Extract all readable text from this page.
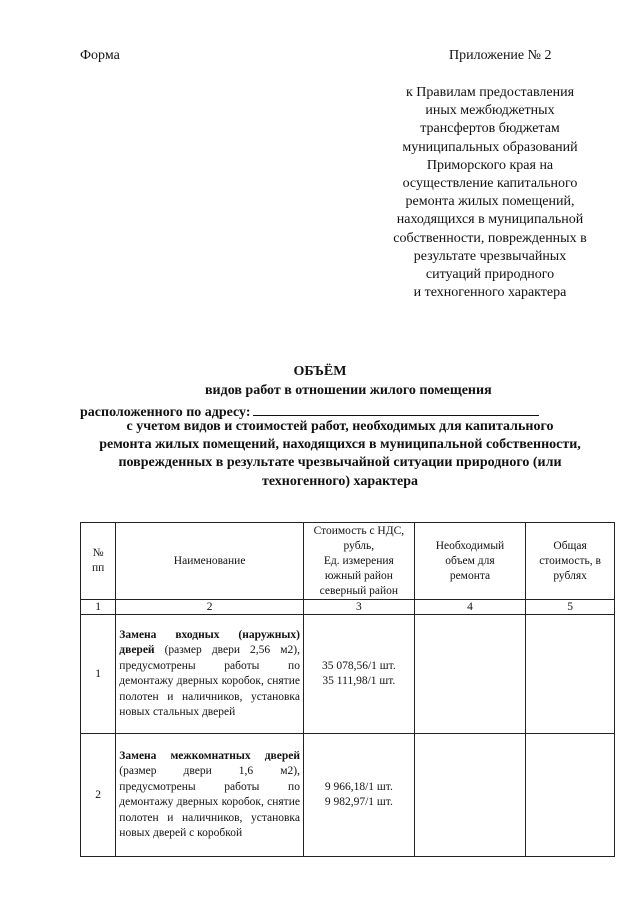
Форма	Приложение № 2
к Правилам предоставления
иных межбюджетных
трансфертов бюджетам
муниципальных образований
Приморского края на
осуществление капитального
ремонта жилых помещений,
находящихся в муниципальной
собственности, поврежденных в
результате чрезвычайных
ситуаций природного
и техногенного характера
ОБЪЁМ
видов работ в отношении жилого помещения
расположенного по адресу:
с учетом видов и стоимостей работ, необходимых для капитального
ремонта жилых помещений, находящихся в муниципальной собственности,
поврежденных в результате чрезвычайной ситуации природного (или
техногенного) характера
№
пп	Наименование	Стоимость с НДС,
рубль,
Ед. измерения
южный район
северный район	Необходимый
объем для
ремонта	Общая
стоимость, в
рублях
1	2	3	4	5
1	Замена входных (наружных) дверей (размер двери 2,56 м2), предусмотрены работы по демонтажу дверных коробок, снятие полотен и наличников, установка новых стальных дверей	35 078,56/1 шт.
35 111,98/1 шт.		

2	Замена межкомнатных дверей (размер двери 1,6 м2), предусмотрены работы по демонтажу дверных коробок, снятие полотен и наличников, установка новых дверей с коробкой	9 966,18/1 шт.
9 982,97/1 шт.		
